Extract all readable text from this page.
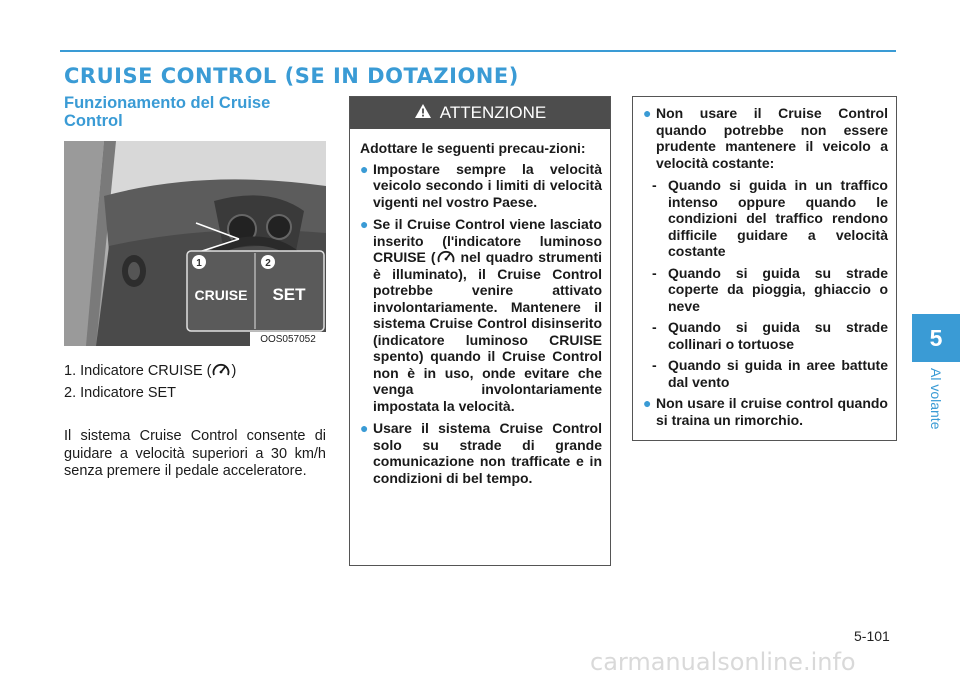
CRUISE CONTROL (SE IN DOTAZIONE)
Funzionamento del Cruise Control
1	2
CRUISE SET
OOS057052
1. Indicatore CRUISE ( )
2. Indicatore SET
Il sistema Cruise Control consente di guidare a velocità superiori a 30 km/h senza premere il pedale acceleratore.
ATTENZIONE

Adottare le seguenti precau-zioni:

● Impostare sempre la velocità veicolo secondo i limiti di velocità vigenti nel vostro Paese.
● Se il Cruise Control viene lasciato inserito (l'indicatore luminoso CRUISE ( nel quadro strumenti è illuminato), il Cruise Control potrebbe venire attivato involontariamente. Mantenere il sistema Cruise Control disinserito (indicatore luminoso CRUISE spento) quando il Cruise Control non è in uso, onde evitare che venga involontariamente impostata la velocità.
● Usare il sistema Cruise Control solo su strade di grande comunicazione non trafficate e in condizioni di bel tempo.
● Non usare il Cruise Control quando potrebbe non essere prudente mantenere il veicolo a velocità costante:
- Quando si guida in un traffico intenso oppure quando le condizioni del traffico rendono difficile guidare a velocità costante
- Quando si guida su strade coperte da pioggia, ghiaccio o neve
- Quando si guida su strade collinari o tortuose
- Quando si guida in aree battute dal vento
● Non usare il cruise control quando si traina un rimorchio.
5
Al volante
5-101
carmanualsonline.info
